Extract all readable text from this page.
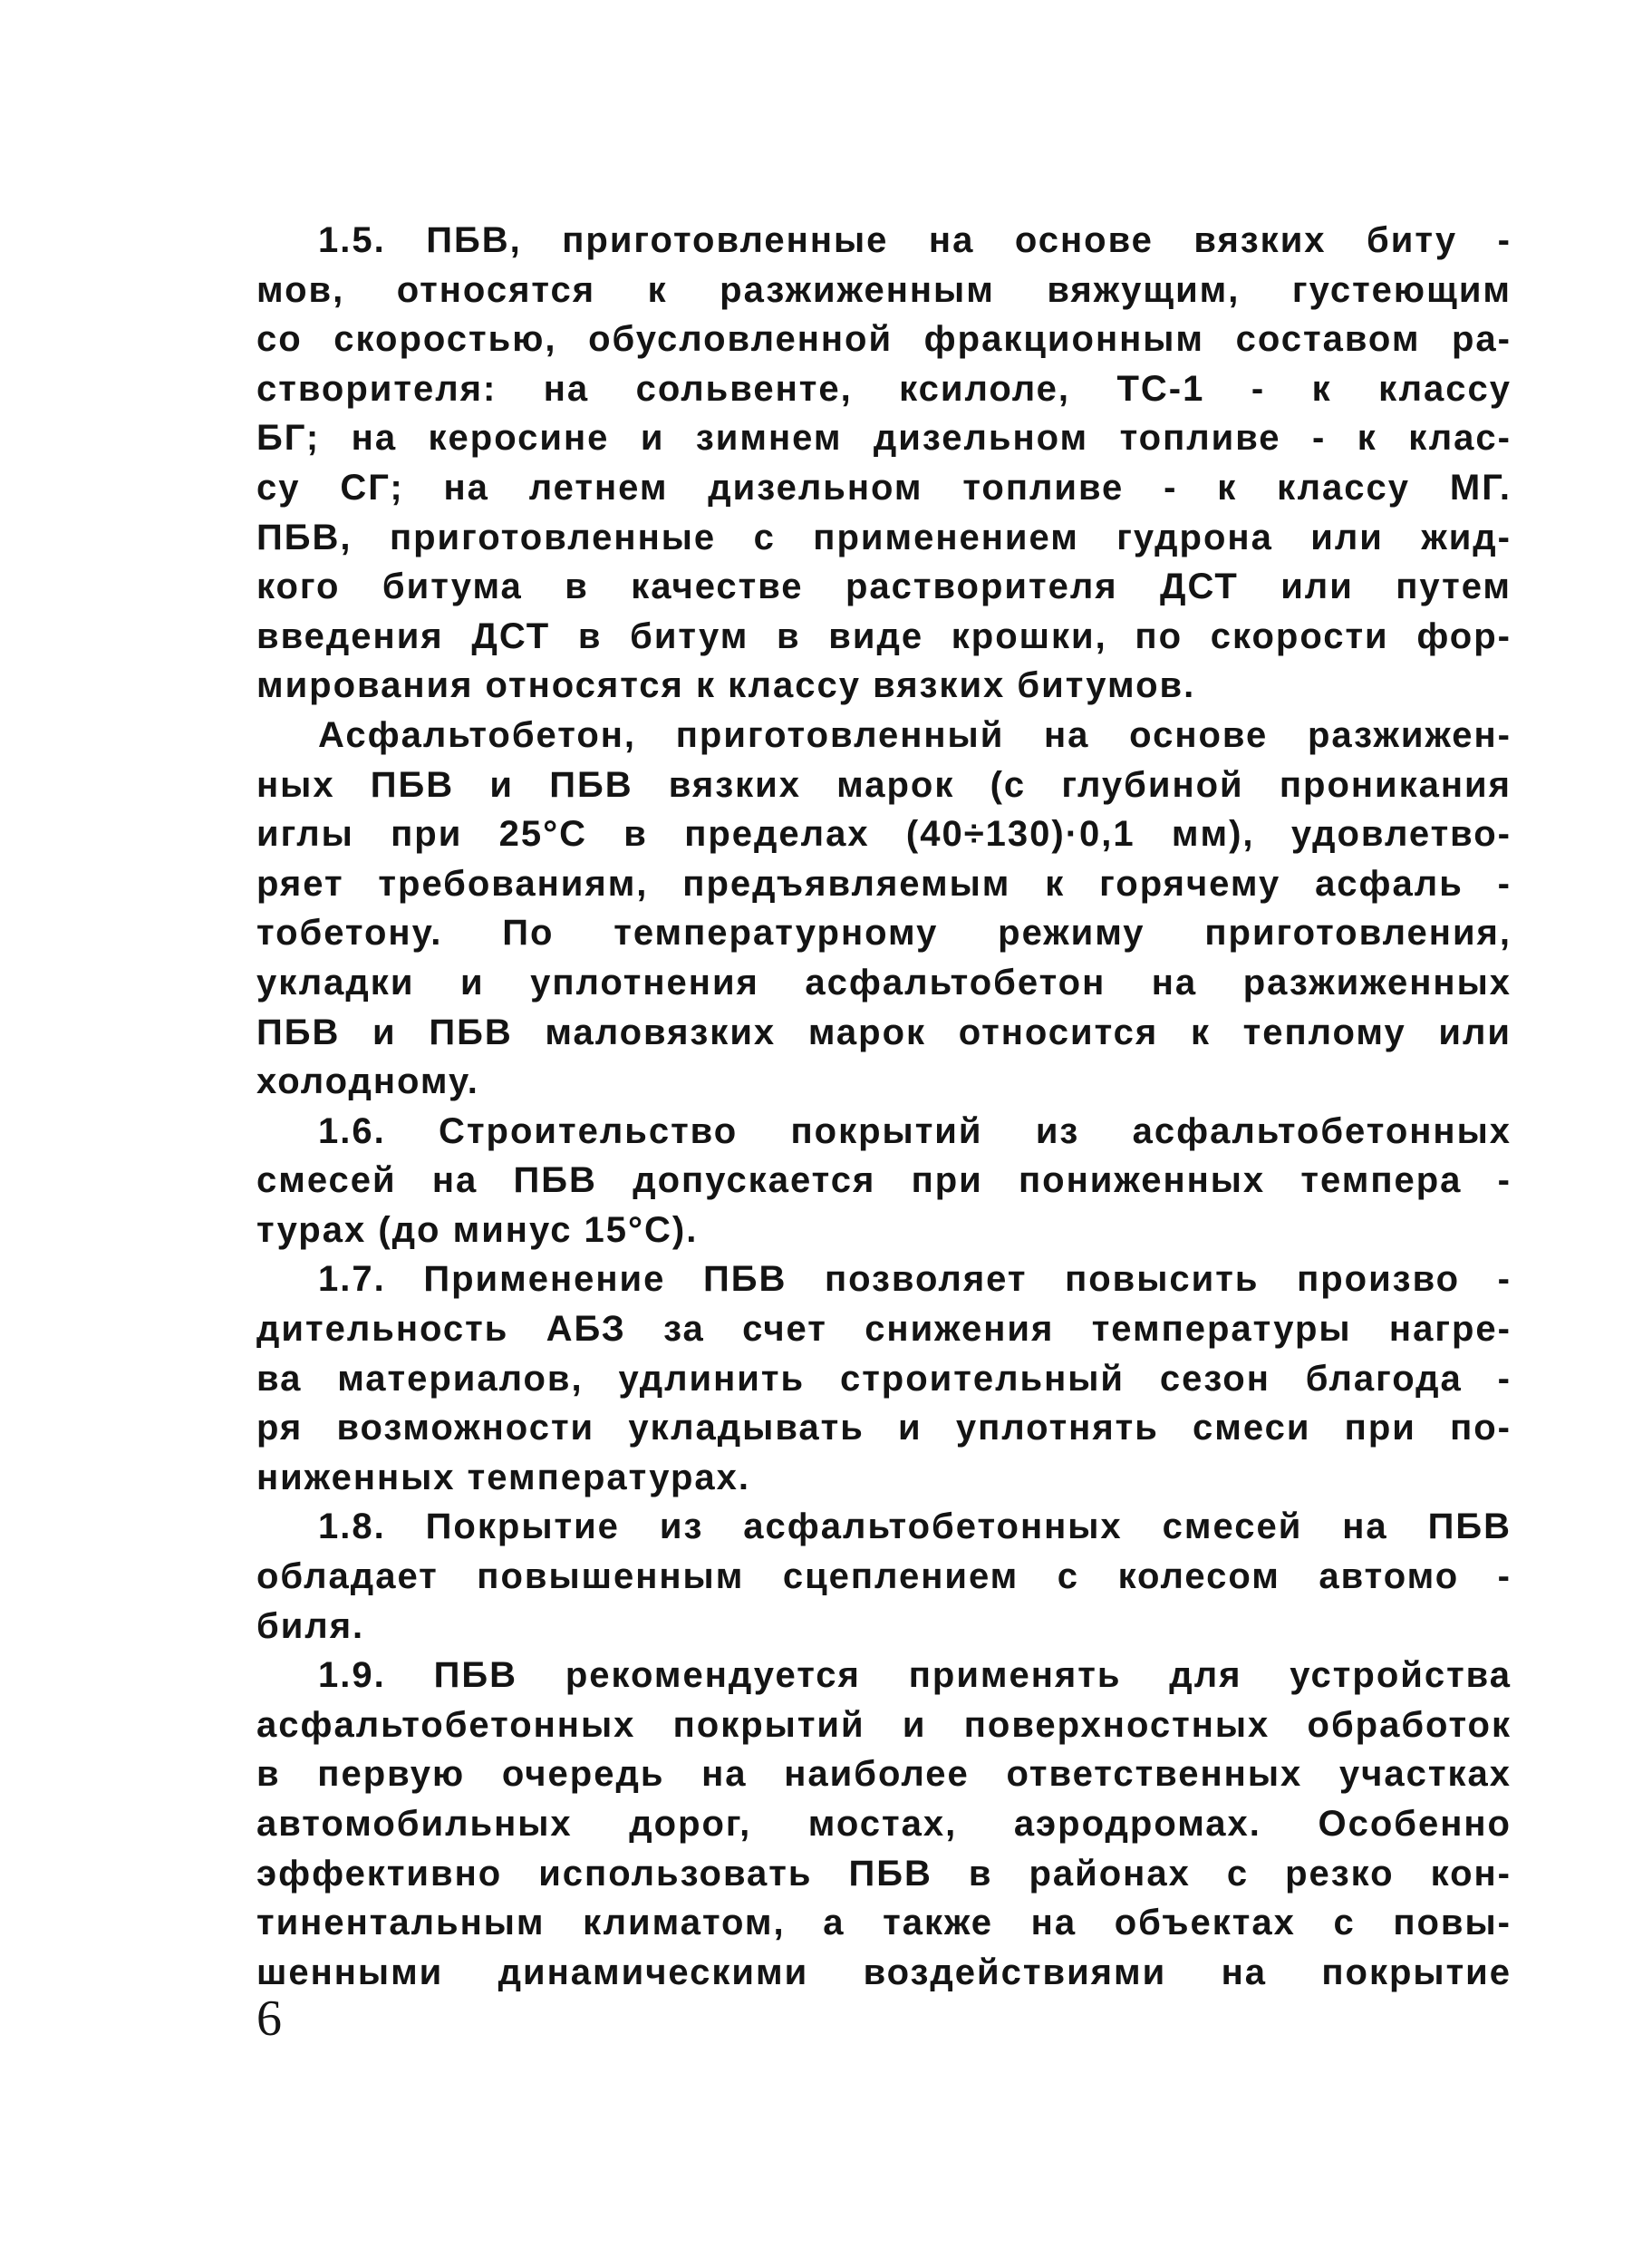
1.5. ПБВ, приготовленные на основе вязких биту -
мов, относятся к разжиженным вяжущим, густеющим
со скоростью, обусловленной фракционным составом ра-
створителя: на сольвенте, ксилоле, ТС-1 - к классу
БГ; на керосине и зимнем дизельном топливе - к клас-
су СГ; на летнем дизельном топливе - к классу МГ.
ПБВ, приготовленные с применением гудрона или жид-
кого битума в качестве растворителя ДСТ или путем
введения ДСТ в битум в виде крошки, по скорости фор-
мирования относятся к классу вязких битумов.
Асфальтобетон, приготовленный на основе разжижен-
ных ПБВ и ПБВ вязких марок (с глубиной проникания
иглы при 25°С в пределах (40÷130)·0,1 мм), удовлетво-
ряет требованиям, предъявляемым к горячему асфаль -
тобетону. По температурному режиму приготовления,
укладки и уплотнения асфальтобетон на разжиженных
ПБВ и ПБВ маловязких марок относится к теплому или
холодному.
1.6. Строительство покрытий из асфальтобетонных
смесей на ПБВ допускается при пониженных темпера -
турах (до минус 15°С).
1.7. Применение ПБВ позволяет повысить произво -
дительность АБЗ за счет снижения температуры нагре-
ва материалов, удлинить строительный сезон благода -
ря возможности укладывать и уплотнять смеси при по-
ниженных температурах.
1.8. Покрытие из асфальтобетонных смесей на ПБВ
обладает повышенным сцеплением с колесом автомо -
биля.
1.9. ПБВ рекомендуется применять для устройства
асфальтобетонных покрытий и поверхностных обработок
в первую очередь на наиболее ответственных участках
автомобильных дорог, мостах, аэродромах. Особенно
эффективно использовать ПБВ в районах с резко кон-
тинентальным климатом, а также на объектах с повы-
шенными динамическими воздействиями на покрытие
6
